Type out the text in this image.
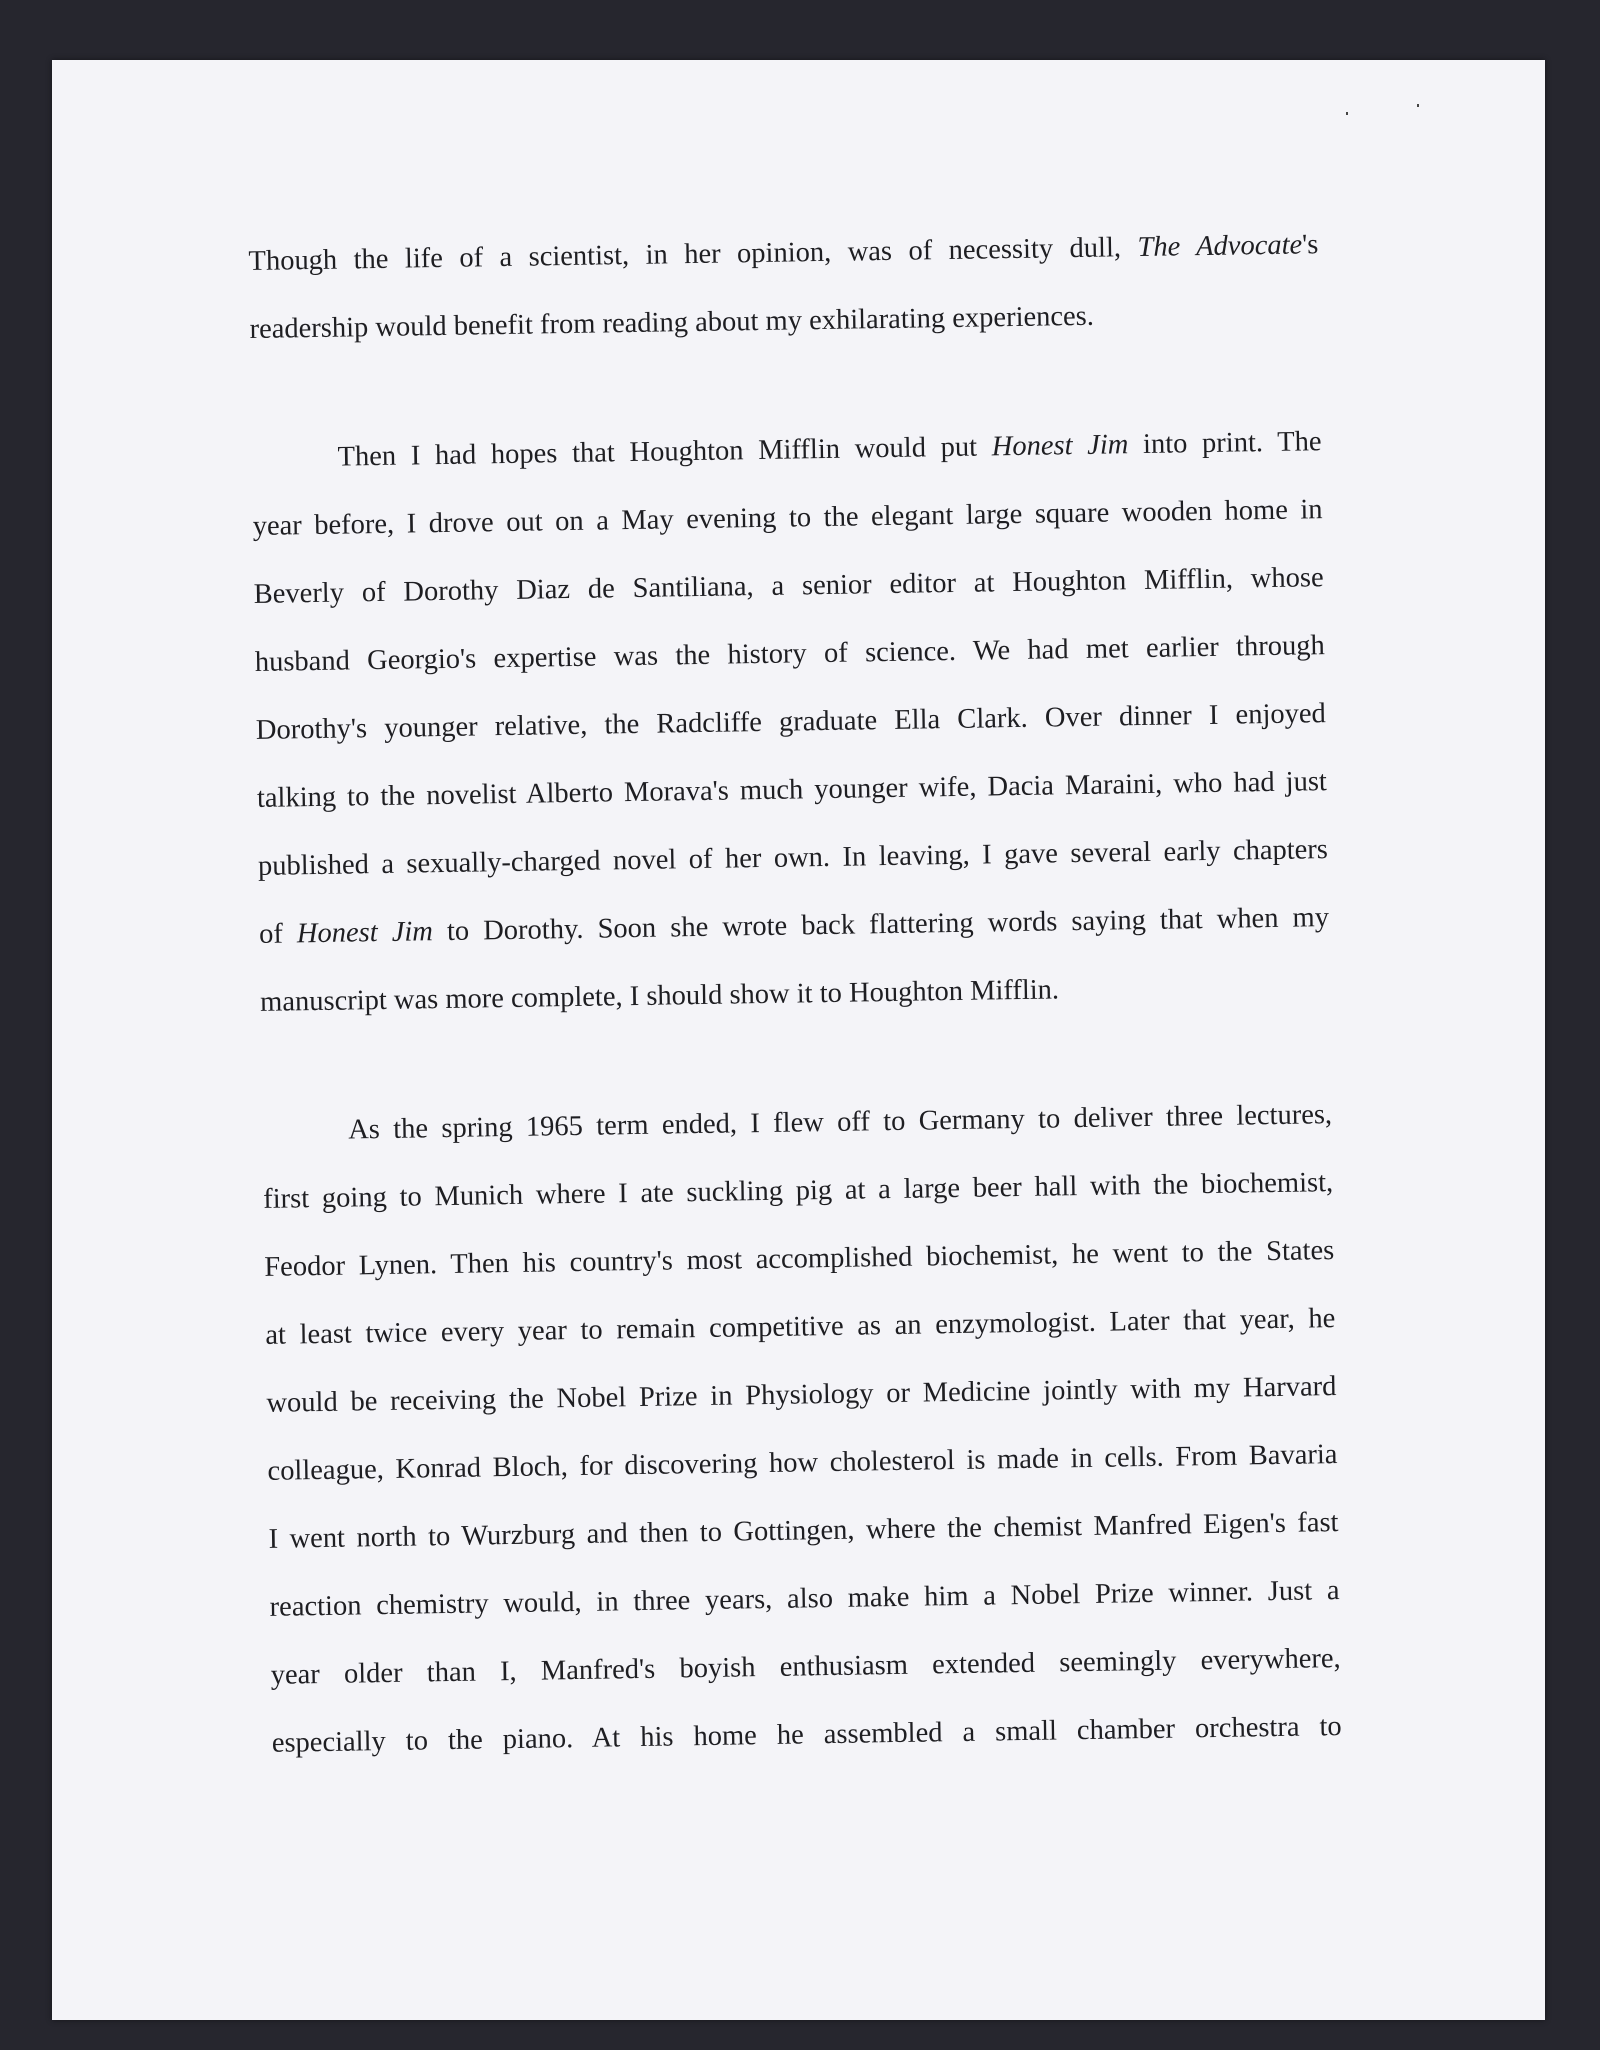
Though the life of a scientist, in her opinion, was of necessity dull, The Advocate's
readership would benefit from reading about my exhilarating experiences.
Then I had hopes that Houghton Mifflin would put Honest Jim into print. The
year before, I drove out on a May evening to the elegant large square wooden home in
Beverly of Dorothy Diaz de Santiliana, a senior editor at Houghton Mifflin, whose
husband Georgio's expertise was the history of science. We had met earlier through
Dorothy's younger relative, the Radcliffe graduate Ella Clark. Over dinner I enjoyed
talking to the novelist Alberto Morava's much younger wife, Dacia Maraini, who had just
published a sexually-charged novel of her own. In leaving, I gave several early chapters
of Honest Jim to Dorothy. Soon she wrote back flattering words saying that when my
manuscript was more complete, I should show it to Houghton Mifflin.
As the spring 1965 term ended, I flew off to Germany to deliver three lectures,
first going to Munich where I ate suckling pig at a large beer hall with the biochemist,
Feodor Lynen. Then his country's most accomplished biochemist, he went to the States
at least twice every year to remain competitive as an enzymologist. Later that year, he
would be receiving the Nobel Prize in Physiology or Medicine jointly with my Harvard
colleague, Konrad Bloch, for discovering how cholesterol is made in cells. From Bavaria
I went north to Wurzburg and then to Gottingen, where the chemist Manfred Eigen's fast
reaction chemistry would, in three years, also make him a Nobel Prize winner. Just a
year older than I, Manfred's boyish enthusiasm extended seemingly everywhere,
especially to the piano. At his home he assembled a small chamber orchestra to
